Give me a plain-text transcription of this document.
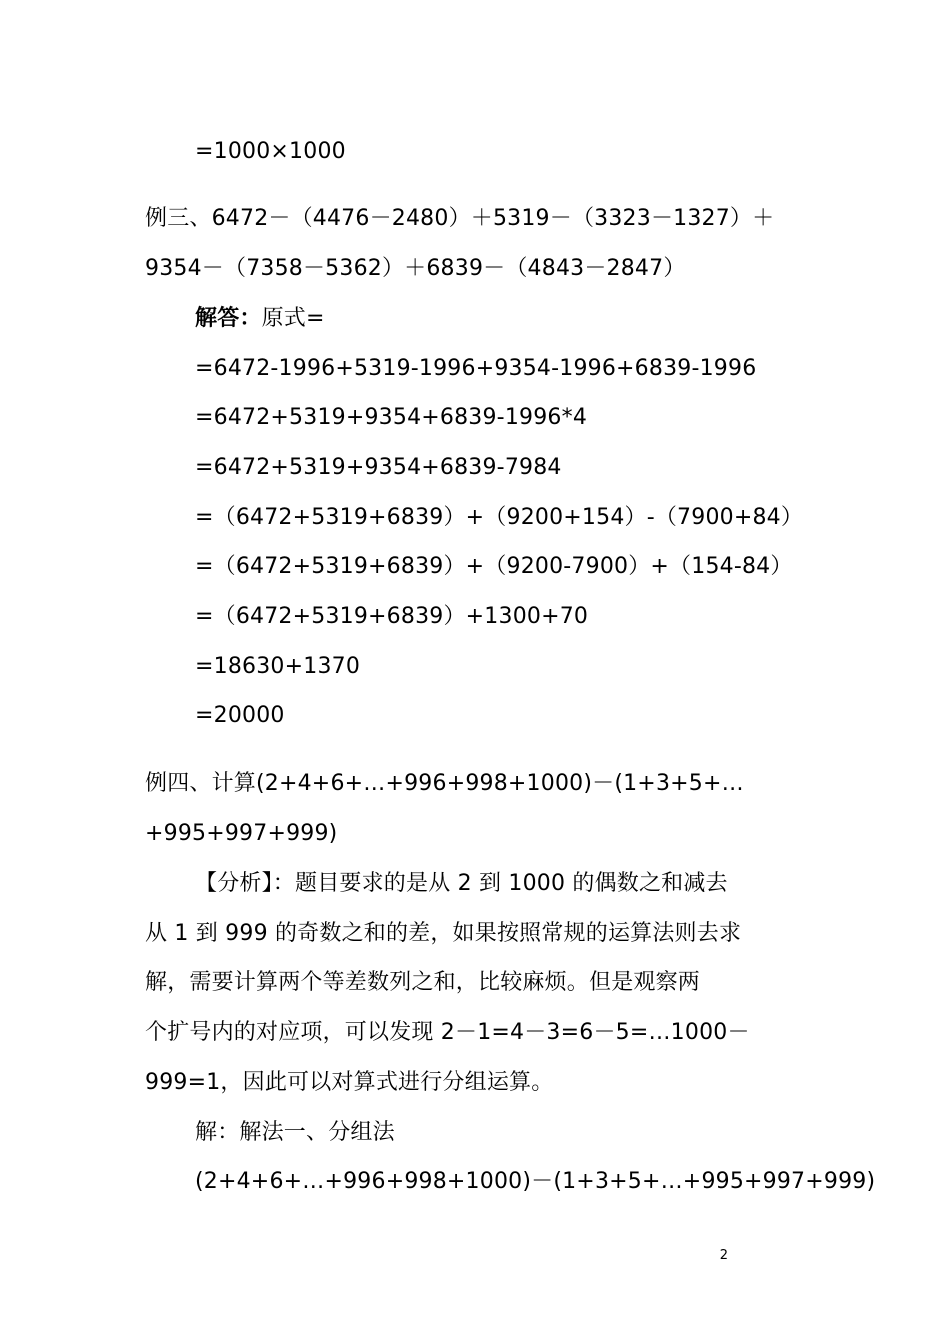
=1000×1000
例三、6472－（4476－2480）＋5319－（3323－1327）＋
9354－（7358－5362）＋6839－（4843－2847）
解答：原式=
=6472-1996+5319-1996+9354-1996+6839-1996
=6472+5319+9354+6839-1996*4
=6472+5319+9354+6839-7984
=（6472+5319+6839）+（9200+154）-（7900+84）
=（6472+5319+6839）+（9200-7900）+（154-84）
=（6472+5319+6839）+1300+70
=18630+1370
=20000
例四、计算(2+4+6+…+996+998+1000)－(1+3+5+…
+995+997+999)
【分析】：题目要求的是从 2 到 1000 的偶数之和减去
从 1 到 999 的奇数之和的差，如果按照常规的运算法则去求
解，需要计算两个等差数列之和，比较麻烦。但是观察两
个扩号内的对应项，可以发现 2－1=4－3=6－5=…1000－
999=1，因此可以对算式进行分组运算。
解：解法一、分组法
(2+4+6+…+996+998+1000)－(1+3+5+…+995+997+999)
2
